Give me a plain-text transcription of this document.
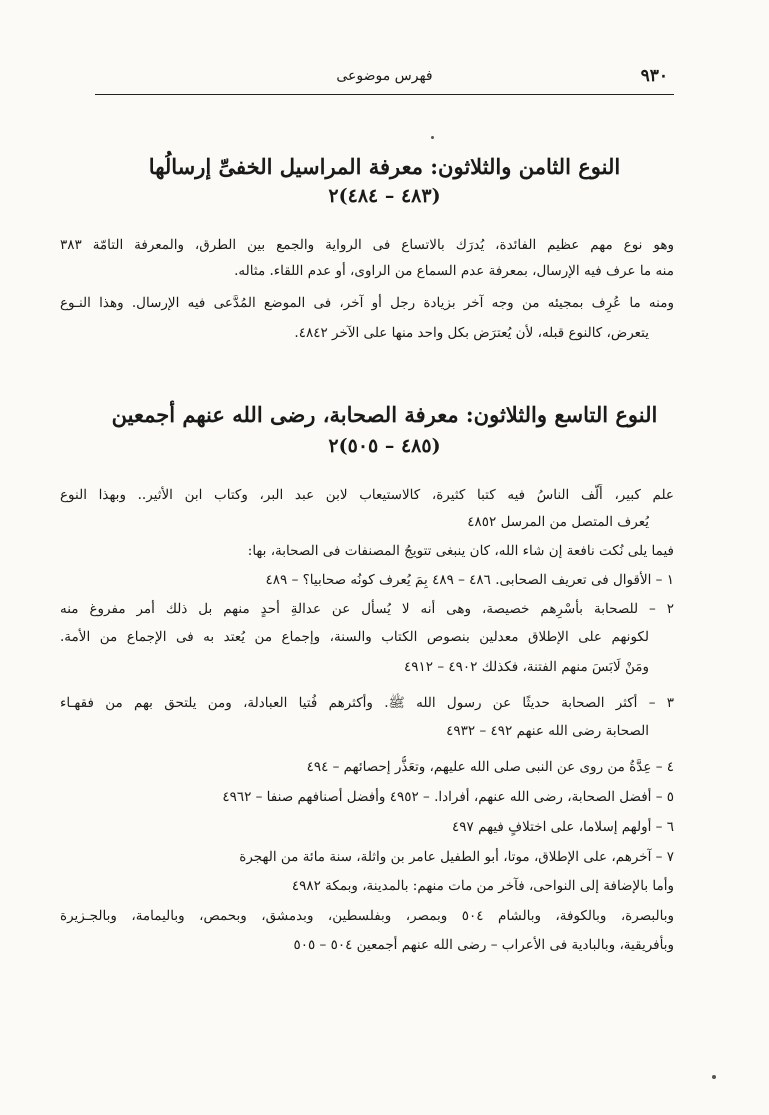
٩٣٠
فهرس موضوعى
النوع الثامن والثلاثون: معرفة المراسيل الخفىِّ إرسالُها
(٤٨٣ – ٤٨٤)٢
وهو نوع مهم عظيم الفائدة، يُدرَك بالاتساع فى الرواية والجمع بين الطرق، والمعرفة التامّة ٣٨٣
منه ما عرف فيه الإرسال، بمعرفة عدم السماع من الراوى، أو عدم اللقاء. مثاله.
ومنه ما عُرِف بمجيئه من وجه آخر بزيادة رجل أو آخر، فى الموضع المُدَّعى فيه الإرسال. وهذا النـوع
يتعرض، كالنوع قبله، لأن يُعترَض بكل واحد منها على الآخر ٤٨٤٢.
النوع التاسع والثلاثون: معرفة الصحابة، رضى الله عنهم أجمعين
(٤٨٥ – ٥٠٥)٢
علم كبير، أَلَّف الناسُ فيه كتبا كثيرة، كالاستيعاب لابن عبد البر، وكتاب ابن الأثير.. وبهذا النوع
يُعرف المتصل من المرسل ٤٨٥٢
فيما يلى نُكت نافعة إن شاء الله، كان ينبغى تتويجُ المصنفات فى الصحابة، بها:
١ – الأقوال فى تعريف الصحابى. ٤٨٦ – ٤٨٩ بِمَ يُعرف كونُه صحابيا؟ – ٤٨٩
٢ – للصحابة بأسْرِهم خصيصة، وهى أنه لا يُسأل عن عدالةِ أحدٍ منهم بل ذلك أمر مفروغ منه
لكونهم على الإطلاق معدلين بنصوص الكتاب والسنة، وإجماع من يُعتد به فى الإجماع من الأمة.
ومَنْ لَابَسَ منهم الفتنة، فكذلك ٤٩٠٢ – ٤٩١٢
٣ – أكثر الصحابة حديثًا عن رسول الله ﷺ. وأكثرهم فُتيا العبادلة، ومن يلتحق بهم من فقهـاء
الصحابة رضى الله عنهم ٤٩٢ – ٤٩٣٢
٤ – عِدَّةُ من روى عن النبى صلى الله عليهم، وتعَذُّر إحصائهم – ٤٩٤
٥ – أفضل الصحابة، رضى الله عنهم، أفرادا. – ٤٩٥٢ وأفضل أصنافهم صنفا – ٤٩٦٢
٦ – أولهم إسلاما، على اختلافٍ فيهم ٤٩٧
٧ – آخرهم، على الإطلاق، موتا، أبو الطفيل عامر بن واثلة، سنة مائة من الهجرة
وأما بالإضافة إلى النواحى، فآخر من مات منهم: بالمدينة، وبمكة ٤٩٨٢
وبالبصرة، وبالكوفة، وبالشام ٥٠٤ وبمصر، وبفلسطين، وبدمشق، وبحمص، وباليمامة، وبالجـزيرة
وبأفريقية، وبالبادية فى الأعراب – رضى الله عنهم أجمعين ٥٠٤ – ٥٠٥
